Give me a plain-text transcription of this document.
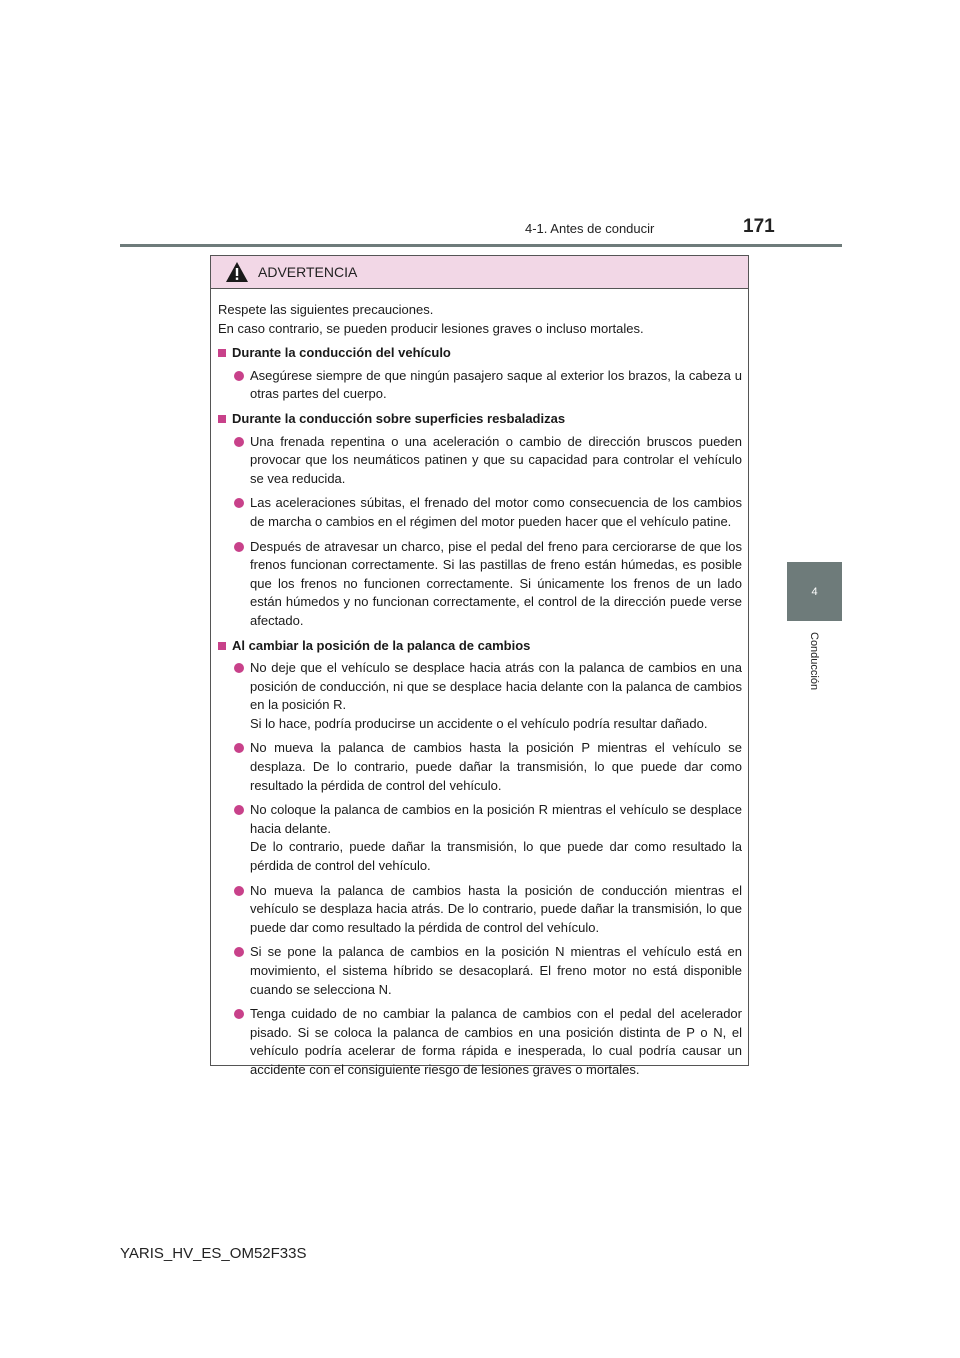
4-1. Antes de conducir	171
4
Conducción
ADVERTENCIA

Respete las siguientes precauciones.
En caso contrario, se pueden producir lesiones graves o incluso mortales.

Durante la conducción del vehículo
Asegúrese siempre de que ningún pasajero saque al exterior los brazos, la cabeza u otras partes del cuerpo.
Durante la conducción sobre superficies resbaladizas
Una frenada repentina o una aceleración o cambio de dirección bruscos pueden provocar que los neumáticos patinen y que su capacidad para controlar el vehículo se vea reducida.
Las aceleraciones súbitas, el frenado del motor como consecuencia de los cambios de marcha o cambios en el régimen del motor pueden hacer que el vehículo patine.
Después de atravesar un charco, pise el pedal del freno para cerciorarse de que los frenos funcionan correctamente. Si las pastillas de freno están húmedas, es posible que los frenos no funcionen correctamente. Si únicamente los frenos de un lado están húmedos y no funcionan correctamente, el control de la dirección puede verse afectado.
Al cambiar la posición de la palanca de cambios
No deje que el vehículo se desplace hacia atrás con la palanca de cambios en una posición de conducción, ni que se desplace hacia delante con la palanca de cambios en la posición R.
Si lo hace, podría producirse un accidente o el vehículo podría resultar dañado.
No mueva la palanca de cambios hasta la posición P mientras el vehículo se desplaza. De lo contrario, puede dañar la transmisión, lo que puede dar como resultado la pérdida de control del vehículo.
No coloque la palanca de cambios en la posición R mientras el vehículo se desplace hacia delante.
De lo contrario, puede dañar la transmisión, lo que puede dar como resultado la pérdida de control del vehículo.
No mueva la palanca de cambios hasta la posición de conducción mientras el vehículo se desplaza hacia atrás. De lo contrario, puede dañar la transmisión, lo que puede dar como resultado la pérdida de control del vehículo.
Si se pone la palanca de cambios en la posición N mientras el vehículo está en movimiento, el sistema híbrido se desacoplará. El freno motor no está disponible cuando se selecciona N.
Tenga cuidado de no cambiar la palanca de cambios con el pedal del acelerador pisado. Si se coloca la palanca de cambios en una posición distinta de P o N, el vehículo podría acelerar de forma rápida e inesperada, lo cual podría causar un accidente con el consiguiente riesgo de lesiones graves o mortales.
YARIS_HV_ES_OM52F33S
